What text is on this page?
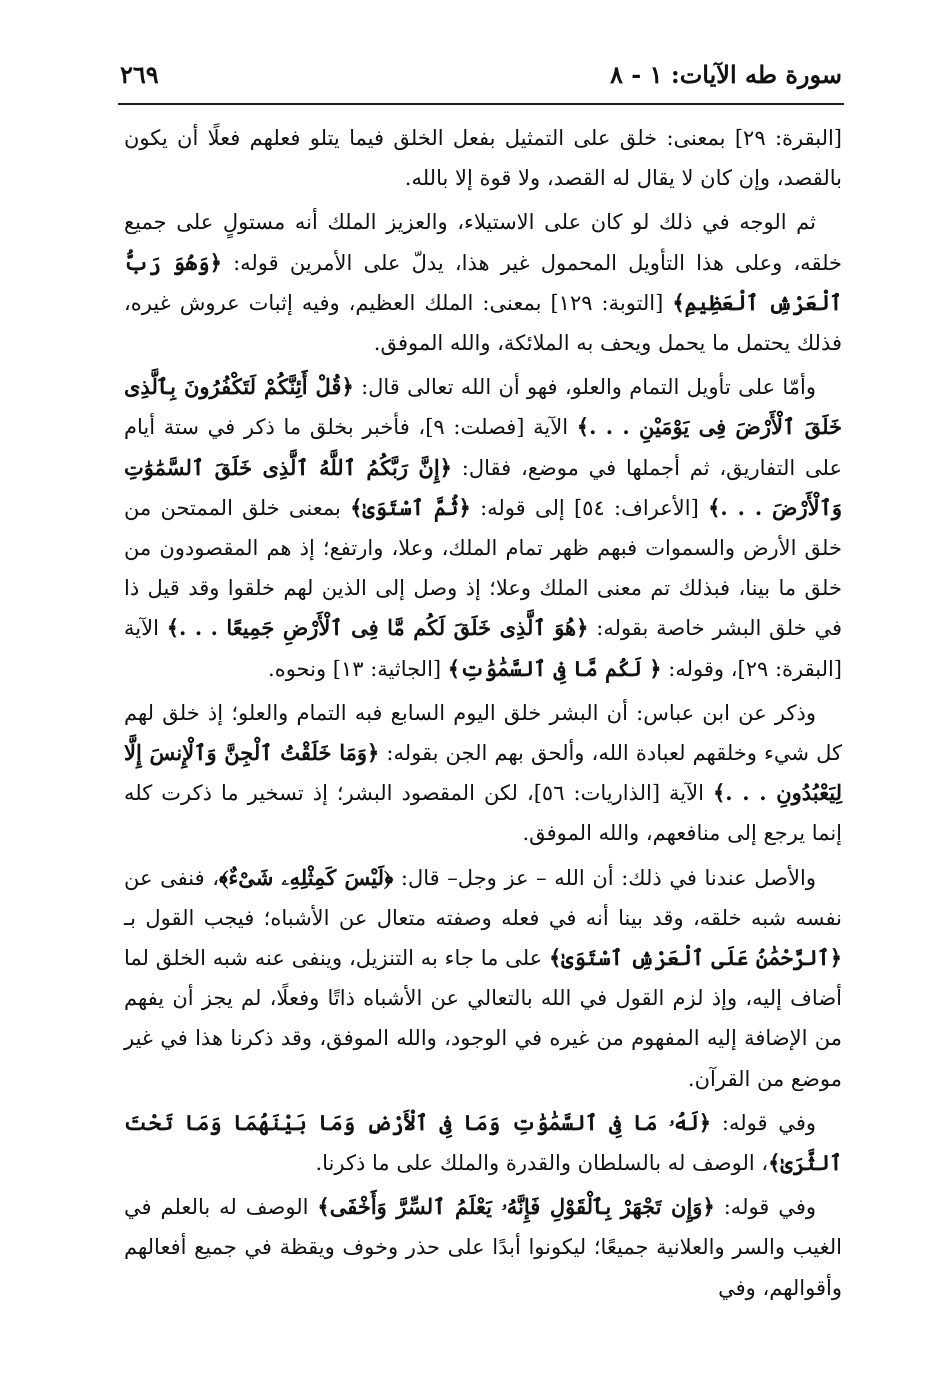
سورة طه الآيات: ١ - ٨
٢٦٩

[البقرة: ٢٩] بمعنى: خلق على التمثيل بفعل الخلق فيما يتلو فعلهم فعلًا أن يكون بالقصد، وإن كان لا يقال له القصد، ولا قوة إلا بالله.

ثم الوجه في ذلك لو كان على الاستيلاء، والعزيز الملك أنه مستولٍ على جميع خلقه، وعلى هذا التأويل المحمول غير هذا، يدلّ على الأمرين قوله: ﴿وَهُوَ رَبُّ ٱلْعَرْشِ ٱلْعَظِيمِ﴾ [التوبة: ١٢٩] بمعنى: الملك العظيم، وفيه إثبات عروش غيره، فذلك يحتمل ما يحمل ويحف به الملائكة، والله الموفق.

وأمّا على تأويل التمام والعلو، فهو أن الله تعالى قال: ﴿قُلْ أَئِنَّكُمْ لَتَكْفُرُونَ بِٱلَّذِى خَلَقَ ٱلْأَرْضَ فِى يَوْمَيْنِ . . .﴾ الآية [فصلت: ٩]، فأخبر بخلق ما ذكر في ستة أيام على التفاريق، ثم أجملها في موضع، فقال: ﴿إِنَّ رَبَّكُمُ ٱللَّهُ ٱلَّذِى خَلَقَ ٱلسَّمَٰوَٰتِ وَٱلْأَرْضَ . . .﴾ [الأعراف: ٥٤] إلى قوله: ﴿ثُمَّ ٱسْتَوَىٰ﴾ بمعنى خلق الممتحن من خلق الأرض والسموات فبهم ظهر تمام الملك، وعلا، وارتفع؛ إذ هم المقصودون من خلق ما بينا، فبذلك تم معنى الملك وعلا؛ إذ وصل إلى الذين لهم خلقوا وقد قيل ذا في خلق البشر خاصة بقوله: ﴿هُوَ ٱلَّذِى خَلَقَ لَكُم مَّا فِى ٱلْأَرْضِ جَمِيعًا . . .﴾ الآية [البقرة: ٢٩]، وقوله: ﴿ لَكُم مَّا فِى ٱلسَّمَٰوَٰتِ﴾ [الجاثية: ١٣] ونحوه.

وذكر عن ابن عباس: أن البشر خلق اليوم السابع فبه التمام والعلو؛ إذ خلق لهم كل شيء وخلقهم لعبادة الله، وألحق بهم الجن بقوله: ﴿وَمَا خَلَقْتُ ٱلْجِنَّ وَٱلْإِنسَ إِلَّا لِيَعْبُدُونِ . . .﴾ الآية [الذاريات: ٥٦]، لكن المقصود البشر؛ إذ تسخير ما ذكرت كله إنما يرجع إلى منافعهم، والله الموفق.

والأصل عندنا في ذلك: أن الله – عز وجل– قال: ﴿لَيْسَ كَمِثْلِهِۦ شَىْءٌ﴾، فنفى عن نفسه شبه خلقه، وقد بينا أنه في فعله وصفته متعال عن الأشباه؛ فيجب القول بـ ﴿ٱلرَّحْمَٰنُ عَلَى ٱلْعَرْشِ ٱسْتَوَىٰ﴾ على ما جاء به التنزيل، وينفى عنه شبه الخلق لما أضاف إليه، وإذ لزم القول في الله بالتعالي عن الأشباه ذاتًا وفعلًا، لم يجز أن يفهم من الإضافة إليه المفهوم من غيره في الوجود، والله الموفق، وقد ذكرنا هذا في غير موضع من القرآن.

وفي قوله: ﴿لَهُۥ مَا فِى ٱلسَّمَٰوَٰتِ وَمَا فِى ٱلْأَرْضِ وَمَا بَيْنَهُمَا وَمَا تَحْتَ ٱلثَّرَىٰ﴾، الوصف له بالسلطان والقدرة والملك على ما ذكرنا.

وفي قوله: ﴿وَإِن تَجْهَرْ بِٱلْقَوْلِ فَإِنَّهُۥ يَعْلَمُ ٱلسِّرَّ وَأَخْفَى﴾ الوصف له بالعلم في الغيب والسر والعلانية جميعًا؛ ليكونوا أبدًا على حذر وخوف ويقظة في جميع أفعالهم وأقوالهم، وفي
